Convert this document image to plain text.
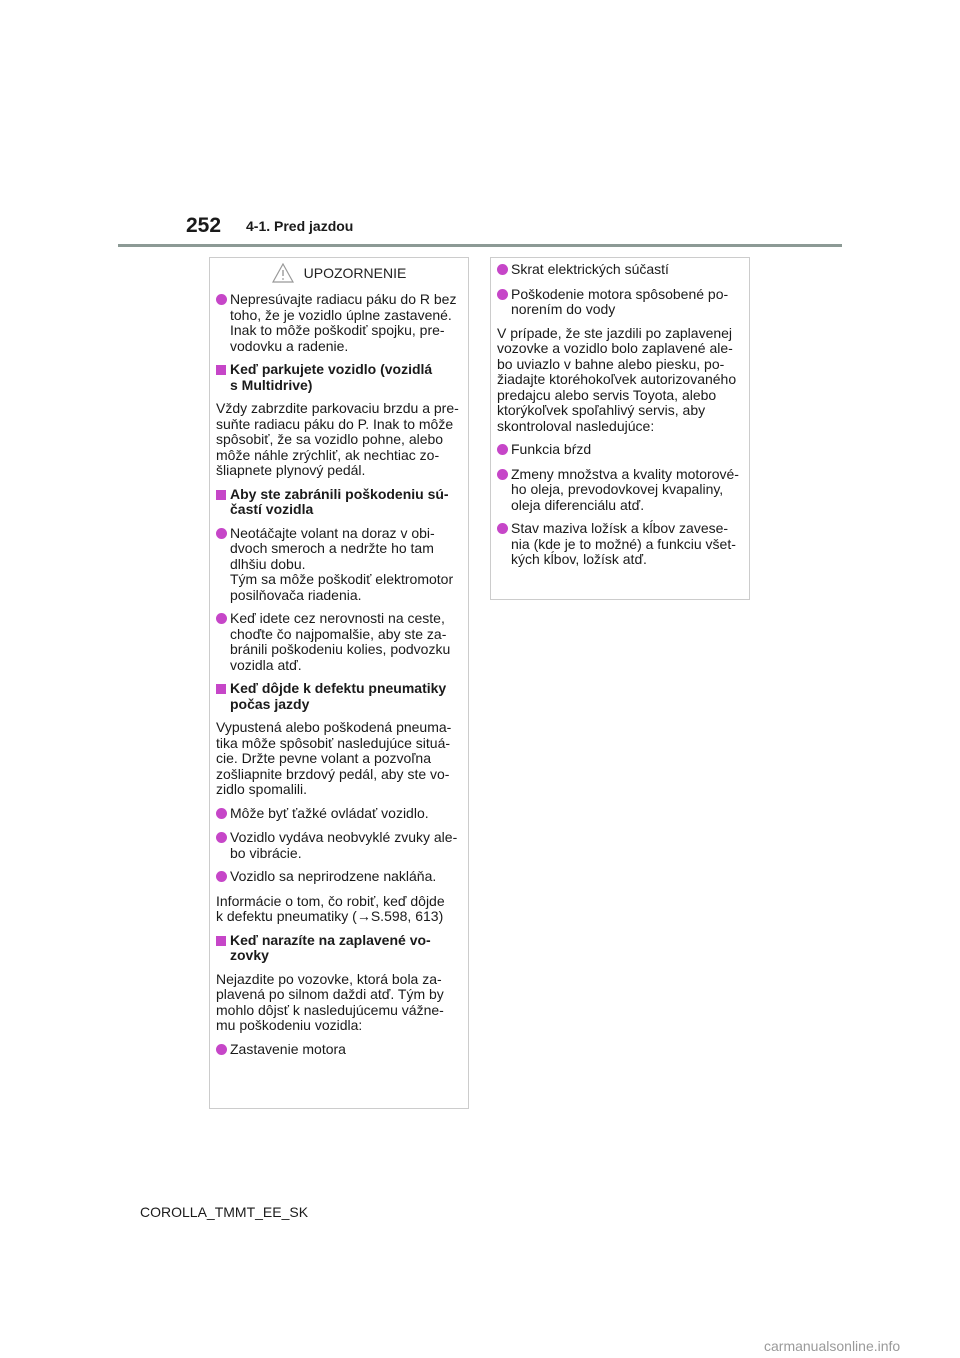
252 4-1. Pred jazdou
UPOZORNENIE
Nepresúvajte radiacu páku do R bez
toho, že je vozidlo úplne zastavené.
Inak to môže poškodiť spojku, pre-
vodovku a radenie.
Keď parkujete vozidlo (vozidlá
s Multidrive)
Vždy zabrzdite parkovaciu brzdu a pre-
suňte radiacu páku do P. Inak to môže
spôsobiť, že sa vozidlo pohne, alebo
môže náhle zrýchliť, ak nechtiac zo-
šliapnete plynový pedál.
Aby ste zabránili poškodeniu sú-
častí vozidla
Neotáčajte volant na doraz v obi-
dvoch smeroch a nedržte ho tam
dlhšiu dobu.
Tým sa môže poškodiť elektromotor
posilňovača riadenia.
Keď idete cez nerovnosti na ceste,
choďte čo najpomalšie, aby ste za-
bránili poškodeniu kolies, podvozku
vozidla atď.
Keď dôjde k defektu pneumatiky
počas jazdy
Vypustená alebo poškodená pneuma-
tika môže spôsobiť nasledujúce situá-
cie. Držte pevne volant a pozvoľna
zošliapnite brzdový pedál, aby ste vo-
zidlo spomalili.
Môže byť ťažké ovládať vozidlo.
Vozidlo vydáva neobvyklé zvuky ale-
bo vibrácie.
Vozidlo sa neprirodzene nakláňa.
Informácie o tom, čo robiť, keď dôjde
k defektu pneumatiky (→S.598, 613)
Keď narazíte na zaplavené vo-
zovky
Nejazdite po vozovke, ktorá bola za-
plavená po silnom daždi atď. Tým by
mohlo dôjsť k nasledujúcemu vážne-
mu poškodeniu vozidla:
Zastavenie motora
Skrat elektrických súčastí
Poškodenie motora spôsobené po-
norením do vody
V prípade, že ste jazdili po zaplavenej
vozovke a vozidlo bolo zaplavené ale-
bo uviazlo v bahne alebo piesku, po-
žiadajte ktoréhokoľvek autorizovaného
predajcu alebo servis Toyota, alebo
ktorýkoľvek spoľahlivý servis, aby
skontroloval nasledujúce:
Funkcia bŕzd
Zmeny množstva a kvality motorové-
ho oleja, prevodovkovej kvapaliny,
oleja diferenciálu atď.
Stav maziva ložísk a kĺbov zavese-
nia (kde je to možné) a funkciu všet-
kých kĺbov, ložísk atď.
COROLLA_TMMT_EE_SK
carmanualsonline.info
